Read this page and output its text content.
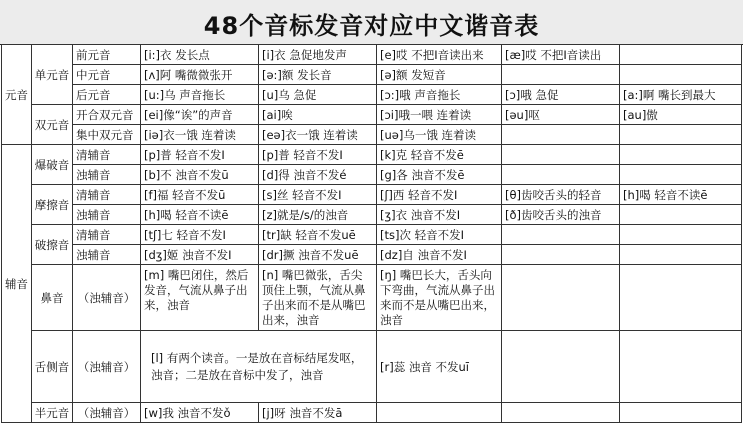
48个音标发音对应中文谐音表
元音	单元音	前元音	[i:]衣 发长点	[i]衣 急促地发声	[e]哎 不把I音读出来	[æ]哎 不把I音读出	
		中元音	[ʌ]阿 嘴微微张开	[ə:]额 发长音	[ə]额 发短音		
		后元音	[u:]乌 声音拖长	[u]乌 急促	[ɔ:]哦 声音拖长	[ɔ]哦 急促	[a:]啊 嘴长到最大
	双元音	开合双元音	[ei]像“诶”的声音	[ai]唉	[ɔi]哦一喂 连着读	[əu]呕	[au]傲
		集中双元音	[iə]衣一饿 连着读	[eə]衣一饿 连着读	[uə]乌一饿 连着读		
辅音	爆破音	清辅音	[p]普 轻音不发I	[p]普 轻音不发I	[k]克 轻音不发ē		
		浊辅音	[b]不 浊音不发ū	[d]得 浊音不发é	[g]各 浊音不发ē		
	摩擦音	清辅音	[f]福 轻音不发ū	[s]丝 轻音不发I	[ʃ]西 轻音不发I	[θ]齿咬舌头的轻音	[h]喝 轻音不读ē
		浊辅音	[h]喝 轻音不读ē	[z]就是/s/的浊音	[ʒ]衣 浊音不发I	[ð]齿咬舌头的浊音	
	破擦音	清辅音	[tʃ]七 轻音不发I	[tr]缺 轻音不发uē	[ts]次 轻音不发I		
		浊辅音	[dʒ]姬 浊音不发I	[dr]撅 浊音不发uē	[dz]自 浊音不发I		
	鼻音	（浊辅音）	[m] 嘴巴闭住，然后发音，气流从鼻子出来，浊音	[n] 嘴巴微张，舌尖顶住上颚，气流从鼻子出来而不是从嘴巴出来，浊音	[ŋ] 嘴巴长大，舌头向下弯曲，气流从鼻子出来而不是从嘴巴出来，浊音		
	舌侧音	（浊辅音）	[l] 有两个读音。一是放在音标结尾发呕，浊音；二是放在音标中发了，浊音		[r]蕊 浊音 不发uī		
	半元音	（浊辅音）	[w]我 浊音不发ǒ	[j]呀 浊音不发ā			
